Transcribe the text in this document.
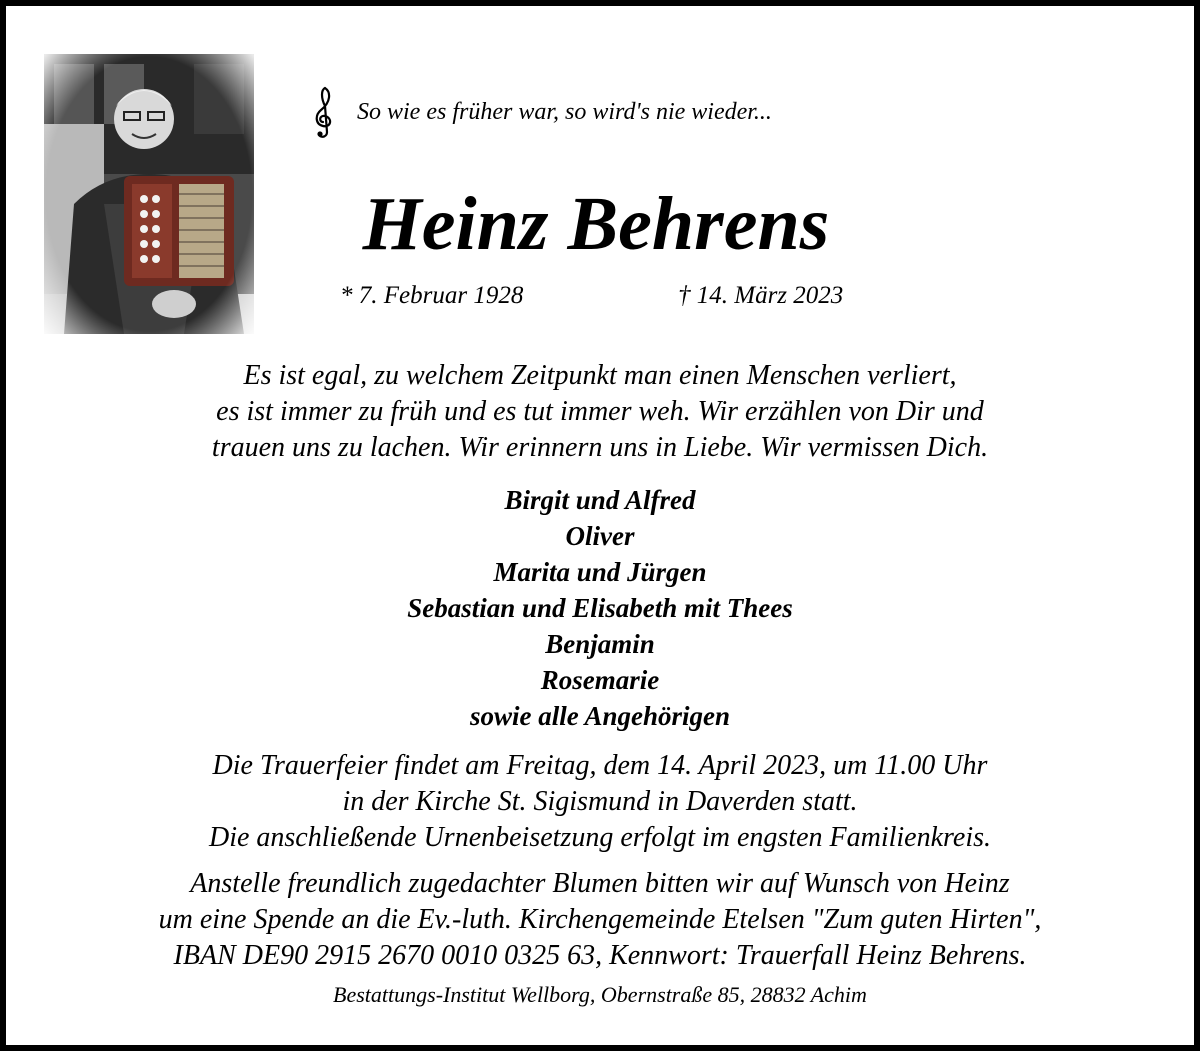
So wie es früher war, so wird's nie wieder...
Heinz Behrens
* 7. Februar 1928	† 14. März 2023
Es ist egal, zu welchem Zeitpunkt man einen Menschen verliert,
es ist immer zu früh und es tut immer weh. Wir erzählen von Dir und
trauen uns zu lachen. Wir erinnern uns in Liebe. Wir vermissen Dich.
Birgit und Alfred
Oliver
Marita und Jürgen
Sebastian und Elisabeth mit Thees
Benjamin
Rosemarie
sowie alle Angehörigen
Die Trauerfeier findet am Freitag, dem 14. April 2023, um 11.00 Uhr
in der Kirche St. Sigismund in Daverden statt.
Die anschließende Urnenbeisetzung erfolgt im engsten Familienkreis.
Anstelle freundlich zugedachter Blumen bitten wir auf Wunsch von Heinz
um eine Spende an die Ev.-luth. Kirchengemeinde Etelsen "Zum guten Hirten",
IBAN DE90 2915 2670 0010 0325 63, Kennwort: Trauerfall Heinz Behrens.
Bestattungs-Institut Wellborg, Obernstraße 85, 28832 Achim
